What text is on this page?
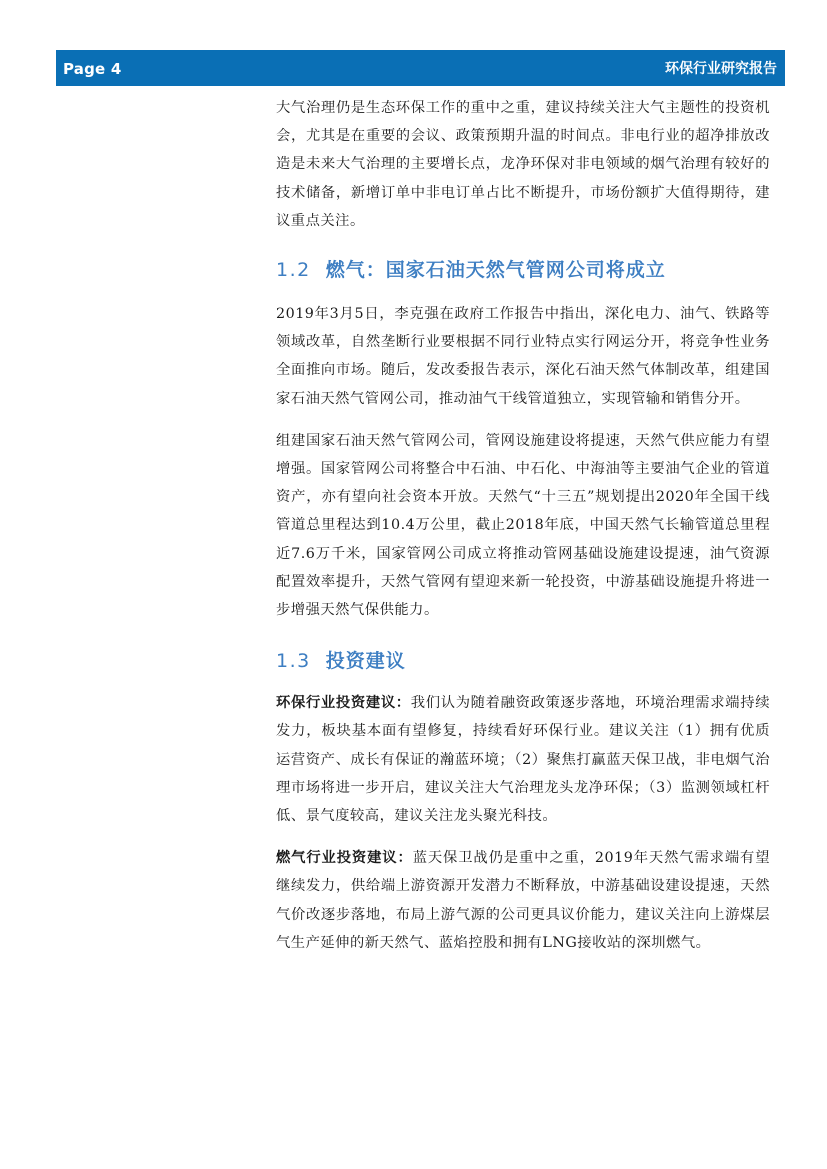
Page 4	环保行业研究报告

大气治理仍是生态环保工作的重中之重，建议持续关注大气主题性的投资机会，尤其是在重要的会议、政策预期升温的时间点。非电行业的超净排放改造是未来大气治理的主要增长点，龙净环保对非电领域的烟气治理有较好的技术储备，新增订单中非电订单占比不断提升，市场份额扩大值得期待，建议重点关注。

1.2 燃气：国家石油天然气管网公司将成立

2019年3月5日，李克强在政府工作报告中指出，深化电力、油气、铁路等领域改革，自然垄断行业要根据不同行业特点实行网运分开，将竞争性业务全面推向市场。随后，发改委报告表示，深化石油天然气体制改革，组建国家石油天然气管网公司，推动油气干线管道独立，实现管输和销售分开。

组建国家石油天然气管网公司，管网设施建设将提速，天然气供应能力有望增强。国家管网公司将整合中石油、中石化、中海油等主要油气企业的管道资产，亦有望向社会资本开放。天然气“十三五”规划提出2020年全国干线管道总里程达到10.4万公里，截止2018年底，中国天然气长输管道总里程近7.6万千米，国家管网公司成立将推动管网基础设施建设提速，油气资源配置效率提升，天然气管网有望迎来新一轮投资，中游基础设施提升将进一步增强天然气保供能力。

1.3 投资建议

环保行业投资建议：我们认为随着融资政策逐步落地，环境治理需求端持续发力，板块基本面有望修复，持续看好环保行业。建议关注（1）拥有优质运营资产、成长有保证的瀚蓝环境；（2）聚焦打赢蓝天保卫战，非电烟气治理市场将进一步开启，建议关注大气治理龙头龙净环保；（3）监测领域杠杆低、景气度较高，建议关注龙头聚光科技。

燃气行业投资建议：蓝天保卫战仍是重中之重，2019年天然气需求端有望继续发力，供给端上游资源开发潜力不断释放，中游基础设建设提速，天然气价改逐步落地，布局上游气源的公司更具议价能力，建议关注向上游煤层气生产延伸的新天然气、蓝焰控股和拥有LNG接收站的深圳燃气。
